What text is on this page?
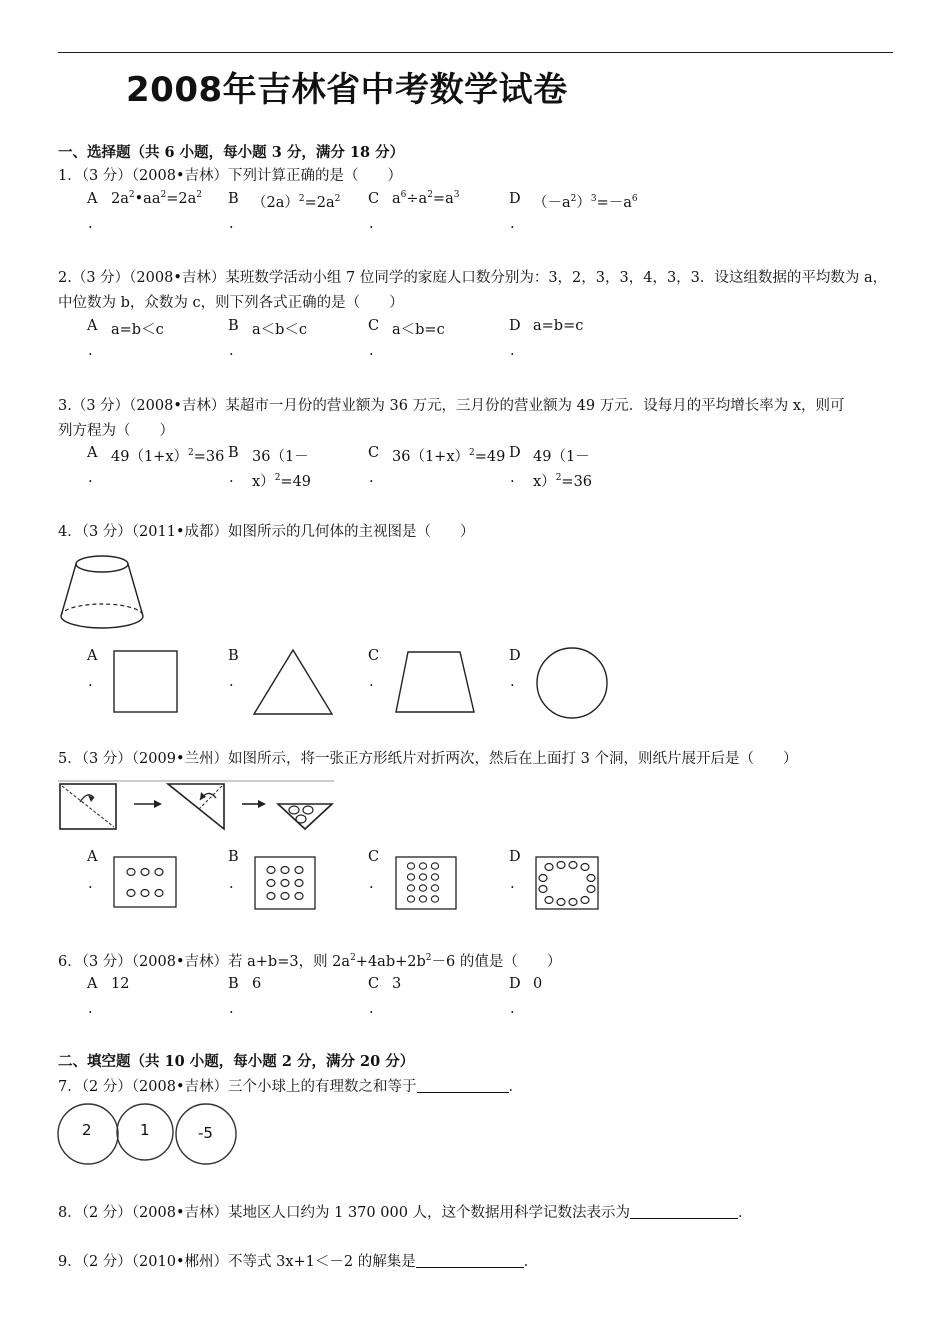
2008年吉林省中考数学试卷
一、选择题（共 6 小题，每小题 3 分，满分 18 分）
1．（3 分）（2008•吉林）下列计算正确的是（　　）
A $2a^2•aa^2=2a^2$ B $(2a)^2=2a^2$ C $a^6\div a^2=a^3$	D $(-a^2)^3=-a^6$
.	.	.	.
2.（3 分）（2008•吉林）某班数学活动小组 7 位同学的家庭人口数分别为：3，2，3，3，4，3，3．设这组数据的平均数为 a，
中位数为 b，众数为 c，则下列各式正确的是（　　）
A a=b＜c	B a＜b＜c	C a＜b=c	D a=b=c
.	.	.	.
3.（3 分）（2008•吉林）某超市一月份的营业额为 36 万元，三月份的营业额为 49 万元．设每月的平均增长率为 x，则可
列方程为（　　）
A $49(1+x)^2=36$ B 36（1－
x）$^2$=49
C $36(1+x)^2=49$ D 49（1－
x）$^2$=36
.	.	.	.
4．（3 分）（2011•成都）如图所示的几何体的主视图是（　　）
A
.
B
.
C
.
D
.
5．（3 分）（2009•兰州）如图所示，将一张正方形纸片对折两次，然后在上面打 3 个洞，则纸片展开后是（　　）
A
.
B
.
C
.
D
.
6．（3 分）（2008•吉林）若 a+b=3，则 $2a^2+4ab+2b^2-6$ 的值是（　　）
A 12	B 6	C 3	D 0
.	.	.	.
二、填空题（共 10 小题，每小题 2 分，满分 20 分）
7．（2 分）（2008•吉林）三个小球上的有理数之和等于	．
2	1	-5
8．（2 分）（2008•吉林）某地区人口约为 1 370 000 人，这个数据用科学记数法表示为	．
9．（2 分）（2010•郴州）不等式 3x+1＜－2 的解集是	．
